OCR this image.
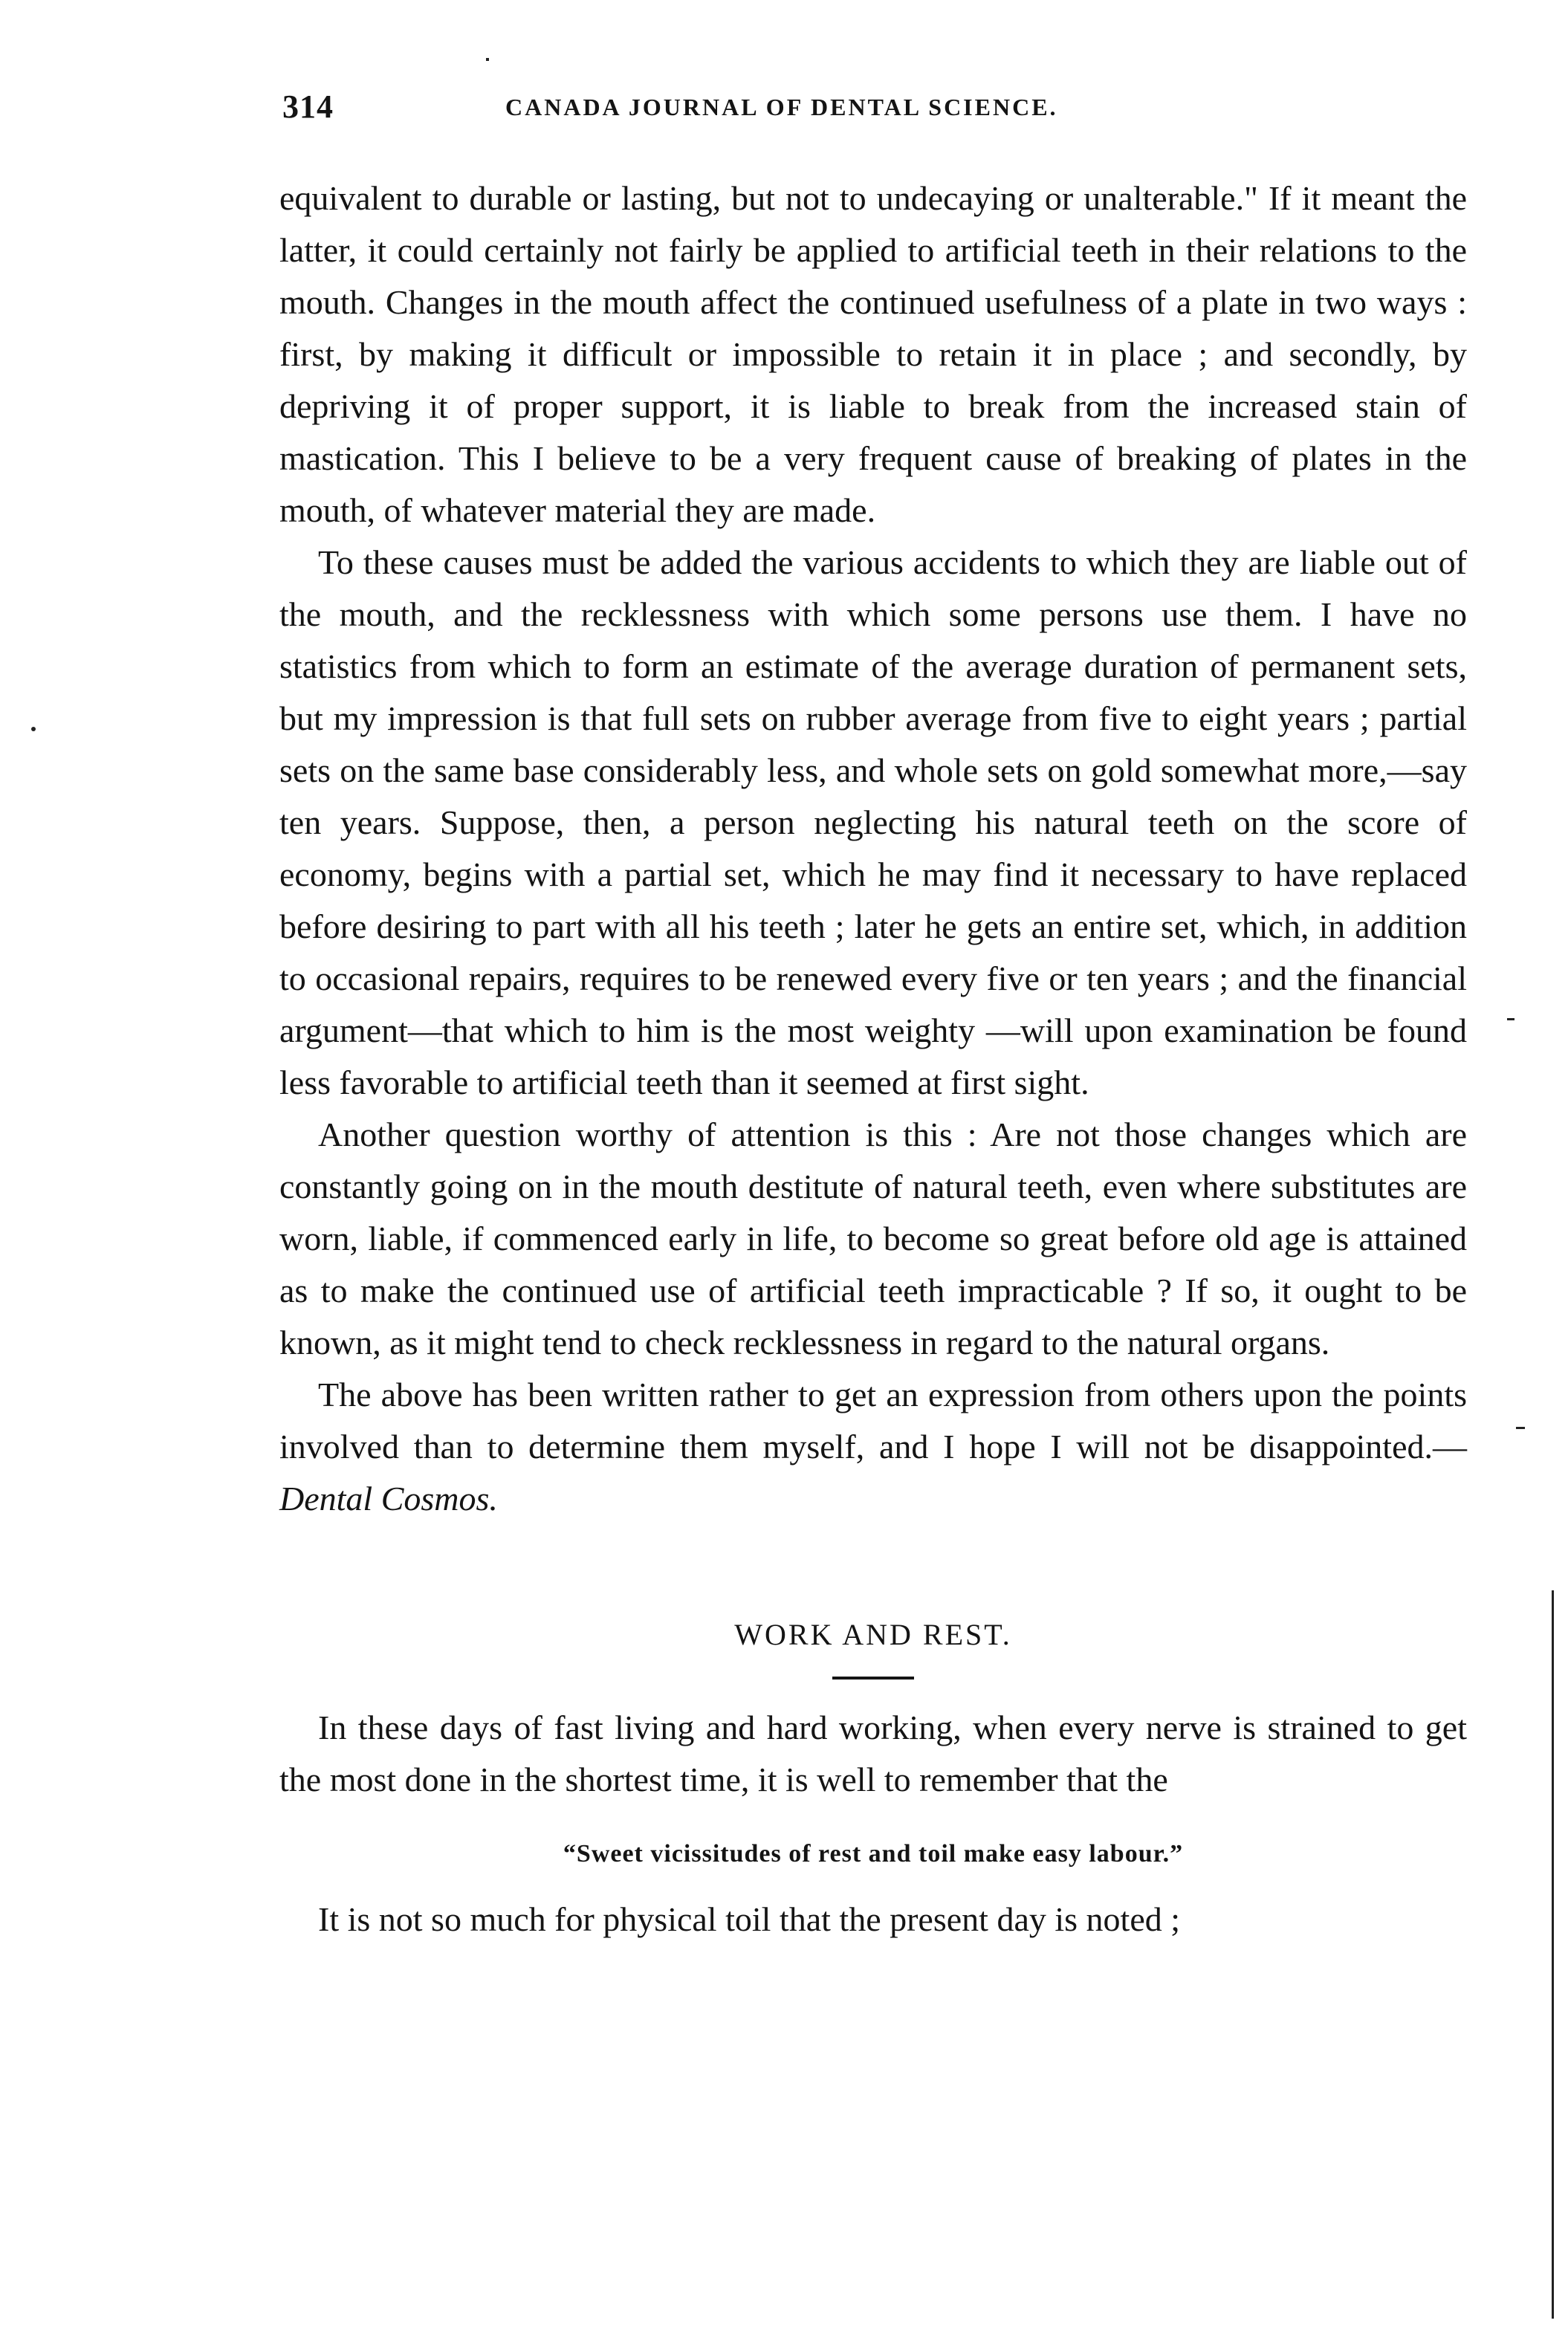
314	CANADA JOURNAL OF DENTAL SCIENCE.

equivalent to durable or lasting, but not to undecaying or unalterable." If it meant the latter, it could certainly not fairly be applied to artificial teeth in their relations to the mouth. Changes in the mouth affect the continued usefulness of a plate in two ways : first, by making it difficult or impossible to retain it in place ; and secondly, by depriving it of proper support, it is liable to break from the increased stain of mastication. This I believe to be a very frequent cause of breaking of plates in the mouth, of whatever material they are made.

To these causes must be added the various accidents to which they are liable out of the mouth, and the recklessness with which some persons use them. I have no statistics from which to form an estimate of the average duration of permanent sets, but my impression is that full sets on rubber average from five to eight years ; partial sets on the same base considerably less, and whole sets on gold somewhat more,—say ten years. Suppose, then, a person neglecting his natural teeth on the score of economy, begins with a partial set, which he may find it necessary to have replaced before desiring to part with all his teeth ; later he gets an entire set, which, in addition to occasional repairs, requires to be renewed every five or ten years ; and the financial argument—that which to him is the most weighty —will upon examination be found less favorable to artificial teeth than it seemed at first sight.

Another question worthy of attention is this : Are not those changes which are constantly going on in the mouth destitute of natural teeth, even where substitutes are worn, liable, if commenced early in life, to become so great before old age is attained as to make the continued use of artificial teeth impracticable ? If so, it ought to be known, as it might tend to check recklessness in regard to the natural organs.

The above has been written rather to get an expression from others upon the points involved than to determine them myself, and I hope I will not be disappointed.—Dental Cosmos.

WORK AND REST.

In these days of fast living and hard working, when every nerve is strained to get the most done in the shortest time, it is well to remember that the

“Sweet vicissitudes of rest and toil make easy labour.”

It is not so much for physical toil that the present day is noted ;
